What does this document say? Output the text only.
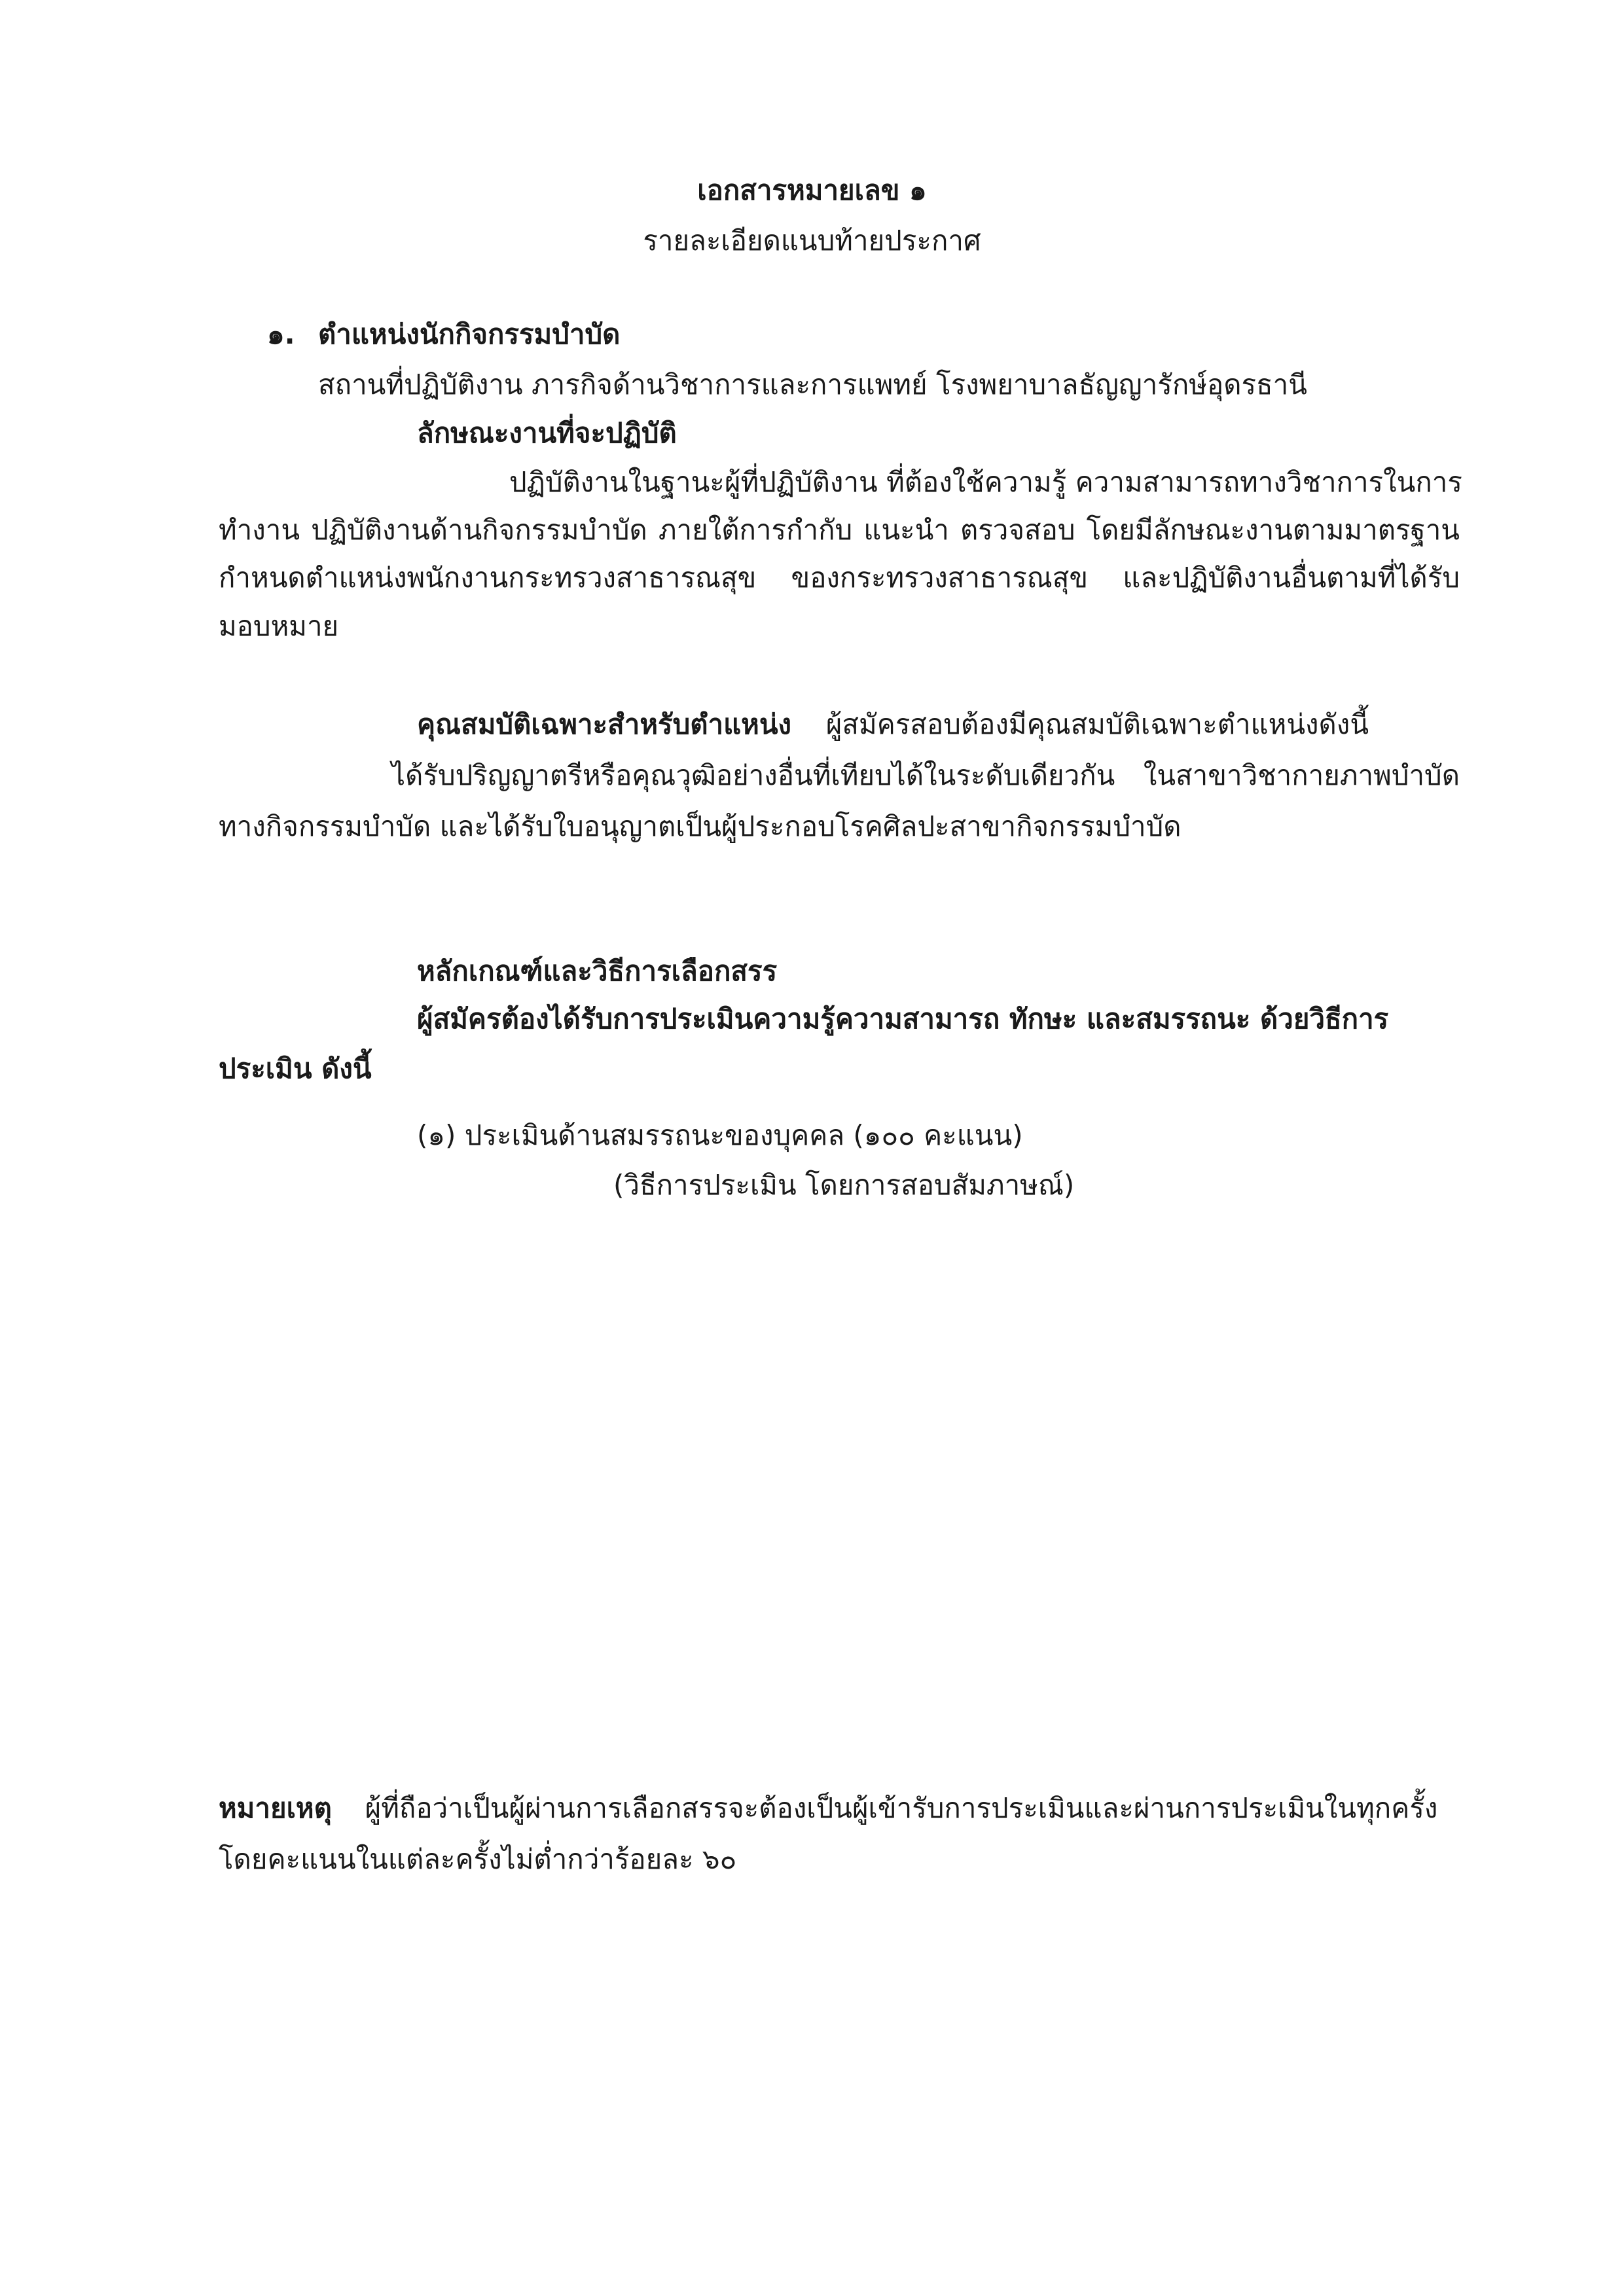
เอกสารหมายเลข ๑
รายละเอียดแนบท้ายประกาศ
๑. ตำแหน่งนักกิจกรรมบำบัด
สถานที่ปฏิบัติงาน ภารกิจด้านวิชาการและการแพทย์ โรงพยาบาลธัญญารักษ์อุดรธานี
ลักษณะงานที่จะปฏิบัติ
ปฏิบัติงานในฐานะผู้ที่ปฏิบัติงาน ที่ต้องใช้ความรู้ ความสามารถทางวิชาการในการ
ทำงาน ปฏิบัติงานด้านกิจกรรมบำบัด ภายใต้การกำกับ แนะนำ ตรวจสอบ โดยมีลักษณะงานตามมาตรฐาน
กำหนดตำแหน่งพนักงานกระทรวงสาธารณสุข ของกระทรวงสาธารณสุข และปฏิบัติงานอื่นตามที่ได้รับ
มอบหมาย
คุณสมบัติเฉพาะสำหรับตำแหน่ง ผู้สมัครสอบต้องมีคุณสมบัติเฉพาะตำแหน่งดังนี้
ได้รับปริญญาตรีหรือคุณวุฒิอย่างอื่นที่เทียบได้ในระดับเดียวกัน ในสาขาวิชากายภาพบำบัด
ทางกิจกรรมบำบัด และได้รับใบอนุญาตเป็นผู้ประกอบโรคศิลปะสาขากิจกรรมบำบัด
หลักเกณฑ์และวิธีการเลือกสรร
ผู้สมัครต้องได้รับการประเมินความรู้ความสามารถ ทักษะ และสมรรถนะ ด้วยวิธีการ
ประเมิน ดังนี้
(๑) ประเมินด้านสมรรถนะของบุคคล (๑๐๐ คะแนน)
(วิธีการประเมิน โดยการสอบสัมภาษณ์)
หมายเหตุ ผู้ที่ถือว่าเป็นผู้ผ่านการเลือกสรรจะต้องเป็นผู้เข้ารับการประเมินและผ่านการประเมินในทุกครั้ง
โดยคะแนนในแต่ละครั้งไม่ต่ำกว่าร้อยละ ๖๐
